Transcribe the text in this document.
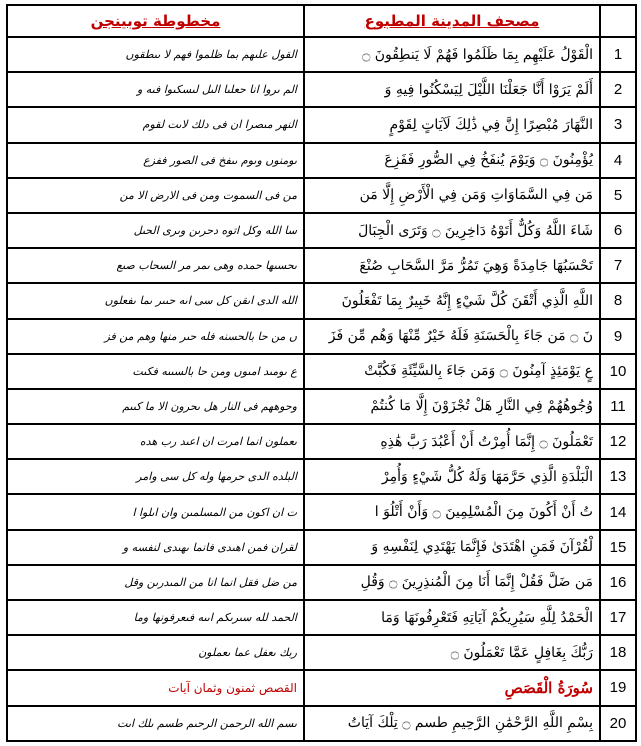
	مصحف المدينة المطبوع	مخطوطة توبينجن
1	الْقَوْلُ عَلَيْهِم بِمَا ظَلَمُوا فَهُمْ لَا يَنطِقُونَ ۝	القول علىهم بما ظلموا فهم لا ىىطقوں
2	أَلَمْ يَرَوْا أَنَّا جَعَلْنَا اللَّيْلَ لِيَسْكُنُوا فِيهِ وَ	الم ىروا انا حعلىا الىل لىسكىوا فىه و
3	النَّهَارَ مُبْصِرًا إِنَّ فِي ذَٰلِكَ لَآيَاتٍ لِقَوْمٍ	النهر مىصرا ان فى دلك لاىت لقوم
4	يُؤْمِنُونَ ۝ وَيَوْمَ يُنفَخُ فِي الصُّورِ فَفَزِعَ	ىومنوں وىوم ىىفخ فى الصور ففزع
5	مَن فِي السَّمَاوَاتِ وَمَن فِي الْأَرْضِ إِلَّا مَن	من فى السموت ومن فى الارض الا من
6	شَاءَ اللَّهُ وَكُلٌّ أَتَوْهُ دَاخِرِينَ ۝ وَتَرَى الْجِبَالَ	سا الله وكل اتوه دحرىن وىرى الحىل
7	تَحْسَبُهَا جَامِدَةً وَهِيَ تَمُرُّ مَرَّ السَّحَابِ صُنْعَ	ىحسىها حمده وهى ىمر مر السحاب صىع
8	اللَّهِ الَّذِي أَتْقَنَ كُلَّ شَيْءٍ إِنَّهُ خَبِيرٌ بِمَا تَفْعَلُونَ	الله الدى اىقن كل سى اىه حىىر ىما ىفعلوں
9	نَ ۝ مَن جَاءَ بِالْحَسَنَةِ فَلَهُ خَيْرٌ مِّنْهَا وَهُم مِّن فَزَ	ں من حا بالحسنه فله حىر منها وهم من فز
10	عٍ يَوْمَئِذٍ آمِنُونَ ۝ وَمَن جَاءَ بِالسَّيِّئَةِ فَكُبَّتْ	ع ىومىد امىوں ومن حا بالسىىه فكىت
11	وُجُوهُهُمْ فِي النَّارِ هَلْ تُجْزَوْنَ إِلَّا مَا كُنتُمْ	وحوههم فى النار هل ىحرون الا ما كىىم
12	تَعْمَلُونَ ۝ إِنَّمَا أُمِرْتُ أَنْ أَعْبُدَ رَبَّ هَٰذِهِ	ىعملون انما امرت ان اعىد رب هده
13	الْبَلْدَةِ الَّذِي حَرَّمَهَا وَلَهُ كُلُّ شَيْءٍ وَأُمِرْ	البلده الدى حرمها وله كل سى وامر
14	تُ أَنْ أَكُونَ مِنَ الْمُسْلِمِينَ ۝ وَأَنْ أَتْلُوَ ا	ت ان اكون من المسلمىن وان اىلوا ا
15	لْقُرْآنَ فَمَنِ اهْتَدَىٰ فَإِنَّمَا يَهْتَدِي لِنَفْسِهِ وَ	لقران فمن اهىدى فانما ىهىدى لنفسه و
16	مَن ضَلَّ فَقُلْ إِنَّمَا أَنَا مِنَ الْمُنذِرِينَ ۝ وَقُلِ	من ضل فقل انما انا من المىدرىن وقل
17	الْحَمْدُ لِلَّهِ سَيُرِيكُمْ آيَاتِهِ فَتَعْرِفُونَهَا وَمَا	الحمد لله سىرىكم اىىه فىعرفونها وما
18	رَبُّكَ بِغَافِلٍ عَمَّا تَعْمَلُونَ ۝	ربك ىعفل عما ىعملون
19	سُورَةُ الْقَصَصِ	القصص ثمنون وثمان آيات
20	بِسْمِ اللَّهِ الرَّحْمَٰنِ الرَّحِيمِ طسم ۝ تِلْكَ آيَاتُ	ىسم الله الرحمن الرحىم طسم ىلك اىت
